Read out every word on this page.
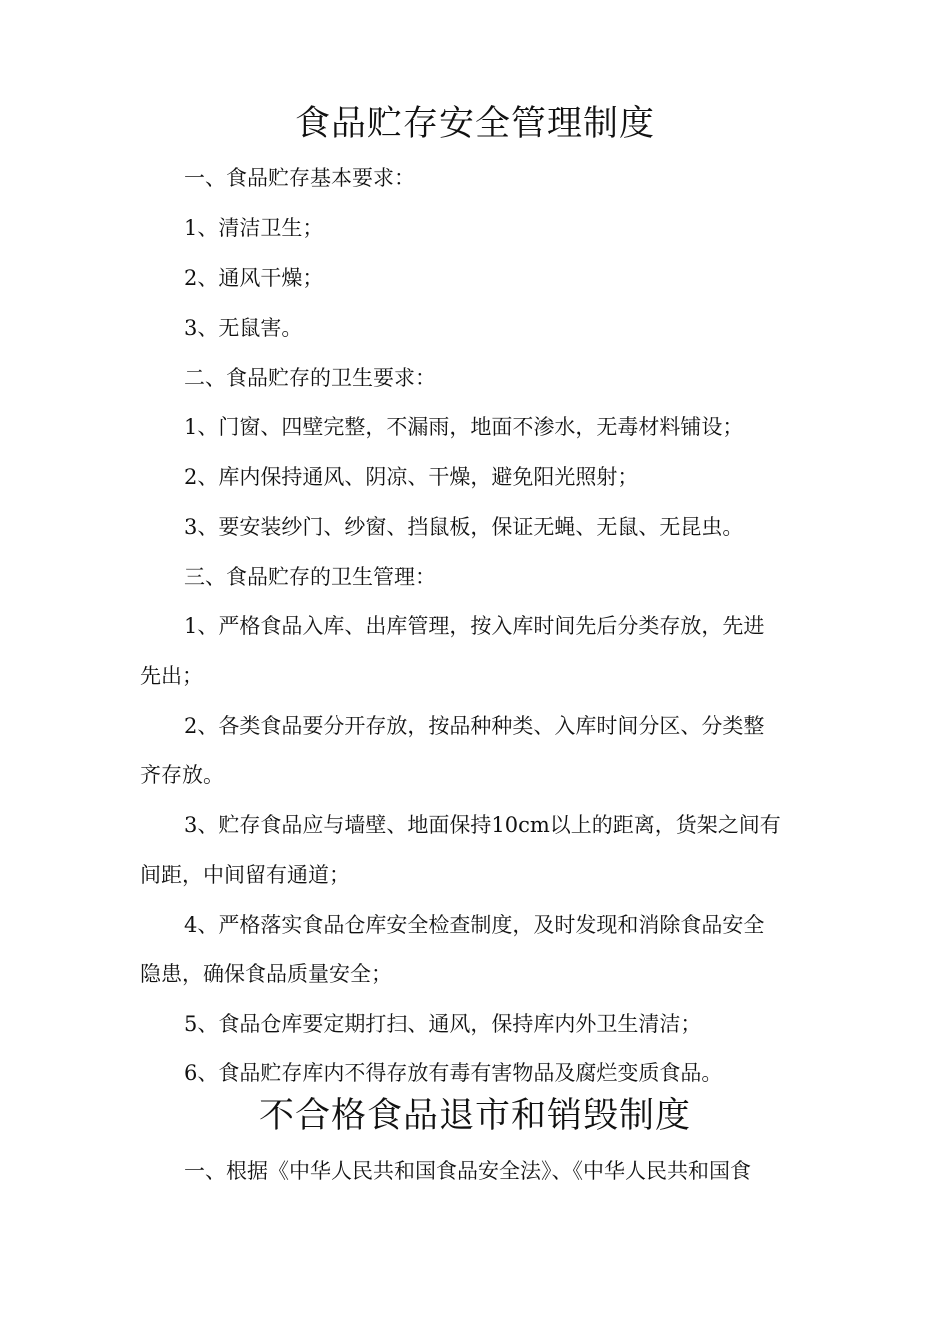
食品贮存安全管理制度
一、食品贮存基本要求：
1、清洁卫生；
2、通风干燥；
3、无鼠害。
二、食品贮存的卫生要求：
1、门窗、四壁完整，不漏雨，地面不渗水，无毒材料铺设；
2、库内保持通风、阴凉、干燥，避免阳光照射；
3、要安装纱门、纱窗、挡鼠板，保证无蝇、无鼠、无昆虫。
三、食品贮存的卫生管理：
1、严格食品入库、出库管理，按入库时间先后分类存放，先进
先出；
2、各类食品要分开存放，按品种种类、入库时间分区、分类整
齐存放。
3、贮存食品应与墙壁、地面保持10cm以上的距离，货架之间有
间距，中间留有通道；
4、严格落实食品仓库安全检查制度，及时发现和消除食品安全
隐患，确保食品质量安全；
5、食品仓库要定期打扫、通风，保持库内外卫生清洁；
6、食品贮存库内不得存放有毒有害物品及腐烂变质食品。
不合格食品退市和销毁制度
一、根据《中华人民共和国食品安全法》、《中华人民共和国食
